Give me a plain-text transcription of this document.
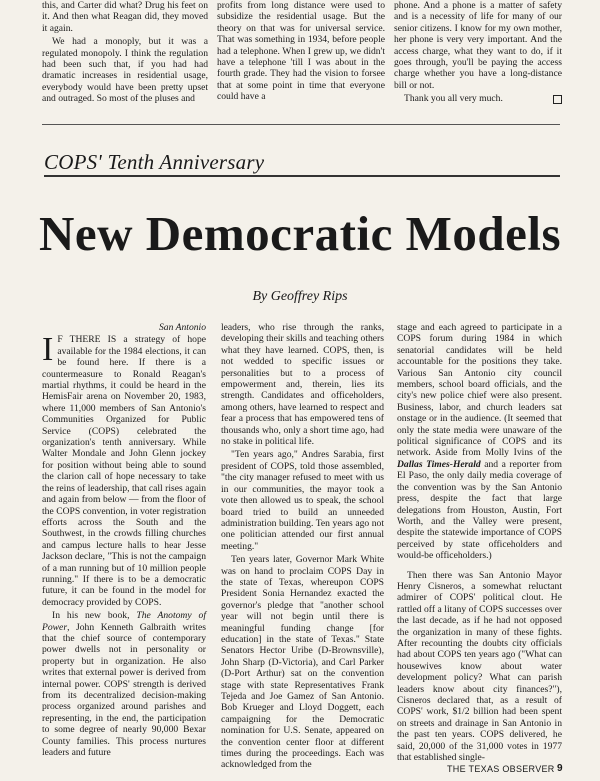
this, and Carter did what? Drug his feet on it. And then what Reagan did, they moved it again.

We had a monoply, but it was a regulated monopoly. I think the regulation had been such that, if you had had dramatic increases in residential usage, everybody would have been pretty upset and outraged. So most of the pluses and

profits from long distance were used to subsidize the residential usage. But the theory on that was for universal service. That was something in 1934, before people had a telephone. When I grew up, we didn't have a telephone 'till I was about in the fourth grade. They had the vision to forsee that at some point in time that everyone could have a

phone. And a phone is a matter of safety and is a necessity of life for many of our senior citizens. I know for my own mother, her phone is very very important. And the access charge, what they want to do, if it goes through, you'll be paying the access charge whether you have a long-distance bill or not.

Thank you all very much.

COPS' Tenth Anniversary
New Democratic Models
By Geoffrey Rips
San Antonio

I F THERE IS a strategy of hope available for the 1984 elections, it can be found here. If there is a countermeasure to Ronald Reagan's martial rhythms, it could be heard in the HemisFair arena on November 20, 1983, where 11,000 members of San Antonio's Communities Organized for Public Service (COPS) celebrated the organization's tenth anniversary. While Walter Mondale and John Glenn jockey for position without being able to sound the clarion call of hope necessary to take the reins of leadership, that call rises again and again from below — from the floor of the COPS convention, in voter registration efforts across the South and the Southwest, in the crowds filling churches and campus lecture halls to hear Jesse Jackson declare, "This is not the campaign of a man running but of 10 million people running." If there is to be a democratic future, it can be found in the model for democracy provided by COPS.

In his new book, The Anotomy of Power, John Kenneth Galbraith writes that the chief source of contemporary power dwells not in personality or property but in organization. He also writes that external power is derived from internal power. COPS' strength is derived from its decentralized decision-making process organized around parishes and representing, in the end, the participation to some degree of nearly 90,000 Bexar County families. This process nurtures leaders and future

leaders, who rise through the ranks, developing their skills and teaching others what they have learned. COPS, then, is not wedded to specific issues or personalities but to a process of empowerment and, therein, lies its strength. Candidates and officeholders, among others, have learned to respect and fear a process that has empowered tens of thousands who, only a short time ago, had no stake in political life.

"Ten years ago," Andres Sarabia, first president of COPS, told those assembled, "the city manager refused to meet with us in our communities, the mayor took a vote then allowed us to speak, the school board tried to build an unneeded administration building. Ten years ago not one politician attended our first annual meeting."

Ten years later, Governor Mark White was on hand to proclaim COPS Day in the state of Texas, whereupon COPS President Sonia Hernandez exacted the governor's pledge that "another school year will not begin until there is meaningful funding change [for education] in the state of Texas." State Senators Hector Uribe (D-Brownsville), John Sharp (D-Victoria), and Carl Parker (D-Port Arthur) sat on the convention stage with state Representatives Frank Tejeda and Joe Gamez of San Antonio. Bob Krueger and Lloyd Doggett, each campaigning for the Democratic nomination for U.S. Senate, appeared on the convention center floor at different times during the proceedings. Each was acknowledged from the

stage and each agreed to participate in a COPS forum during 1984 in which senatorial candidates will be held accountable for the positions they take. Various San Antonio city council members, school board officials, and the city's new police chief were also present. Business, labor, and church leaders sat onstage or in the audience. (It seemed that only the state media were unaware of the political significance of COPS and its network. Aside from Molly Ivins of the Dallas Times-Herald and a reporter from El Paso, the only daily media coverage of the convention was by the San Antonio press, despite the fact that large delegations from Houston, Austin, Fort Worth, and the Valley were present, despite the statewide importance of COPS perceived by state officeholders and would-be officeholders.)

Then there was San Antonio Mayor Henry Cisneros, a somewhat reluctant admirer of COPS' political clout. He rattled off a litany of COPS successes over the last decade, as if he had not opposed the organization in many of these fights. After recounting the doubts city officials had about COPS ten years ago ("What can housewives know about water development policy? What can parish leaders know about city finances?"), Cisneros declared that, as a result of COPS' work, $1/2 billion had been spent on streets and drainage in San Antonio in the past ten years. COPS delivered, he said, 20,000 of the 31,000 votes in 1977 that established single-

THE TEXAS OBSERVER 9
